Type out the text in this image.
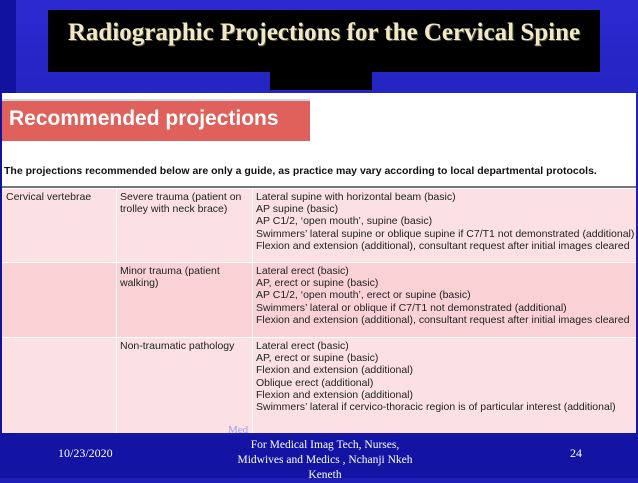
Radiographic Projections for the Cervical Spine
Recommended projections
The projections recommended below are only a guide, as practice may vary according to local departmental protocols.
Cervical vertebrae	Severe trauma (patient on trolley with neck brace)
Lateral supine with horizontal beam (basic)
AP supine (basic)
AP C1/2, ‘open mouth’, supine (basic)
Swimmers’ lateral supine or oblique supine if C7/T1 not demonstrated (additional)
Flexion and extension (additional), consultant request after initial images cleared
Minor trauma (patient walking)
Lateral erect (basic)
AP, erect or supine (basic)
AP C1/2, ‘open mouth’, erect or supine (basic)
Swimmers’ lateral or oblique if C7/T1 not demonstrated (additional)
Flexion and extension (additional), consultant request after initial images cleared
Non-traumatic pathology	Lateral erect (basic)
AP, erect or supine (basic)
Flexion and extension (additional)
Oblique erect (additional)
Flexion and extension (additional)
Swimmers’ lateral if cervico-thoracic region is of particular interest (additional)
Med
10/23/2020
For Medical Imag Tech, Nurses,
Midwives and Medics , Nchanji Nkeh
Keneth
24
